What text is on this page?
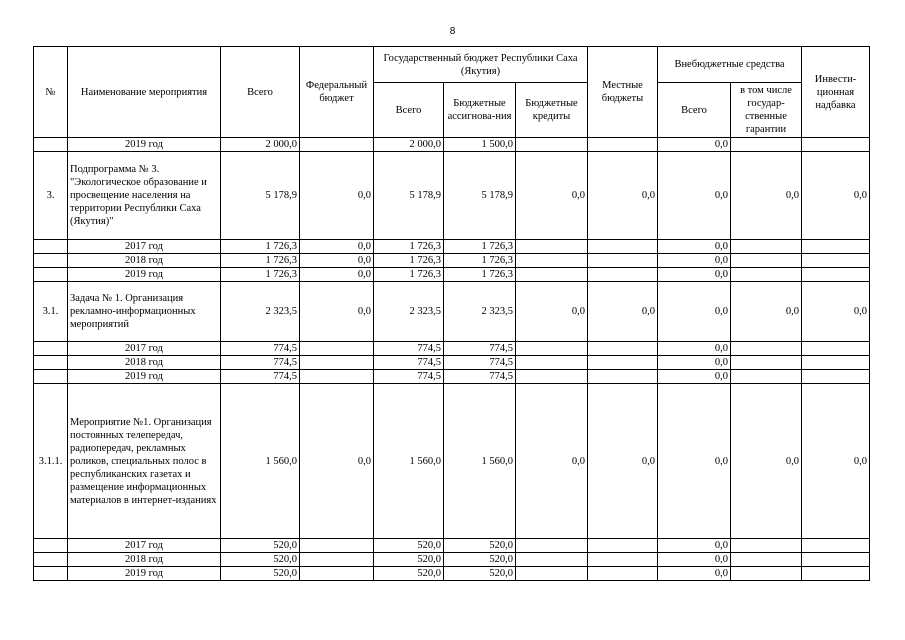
8
№	Наименование мероприятия	Всего	Федеральный бюджет	Государственный бюджет Республики Саха (Якутия)			Местные бюджеты	Внебюджетные средства		Инвести-ционная надбавка
				Всего	Бюджетные ассигнова-ния	Бюджетные кредиты		Всего	в том числе государ-ственные гарантии	
	2019 год	2 000,0		2 000,0	1 500,0			0,0		
3.	Подпрограмма № 3. "Экологическое образование и просвещение населения на территории Республики Саха (Якутия)"	5 178,9	0,0	5 178,9	5 178,9	0,0	0,0	0,0	0,0	0,0
	2017 год	1 726,3	0,0	1 726,3	1 726,3			0,0		
	2018 год	1 726,3	0,0	1 726,3	1 726,3			0,0		
	2019 год	1 726,3	0,0	1 726,3	1 726,3			0,0		
3.1.	Задача № 1. Организация рекламно-информационных мероприятий	2 323,5	0,0	2 323,5	2 323,5	0,0	0,0	0,0	0,0	0,0
	2017 год	774,5		774,5	774,5			0,0		
	2018 год	774,5		774,5	774,5			0,0		
	2019 год	774,5		774,5	774,5			0,0		
3.1.1.	Мероприятие №1. Организация постоянных телепередач, радиопередач, рекламных роликов, специальных полос в республиканских газетах и размещение информационных материалов в интернет-изданиях	1 560,0	0,0	1 560,0	1 560,0	0,0	0,0	0,0	0,0	0,0
	2017 год	520,0		520,0	520,0			0,0		
	2018 год	520,0		520,0	520,0			0,0		
	2019 год	520,0		520,0	520,0			0,0		
